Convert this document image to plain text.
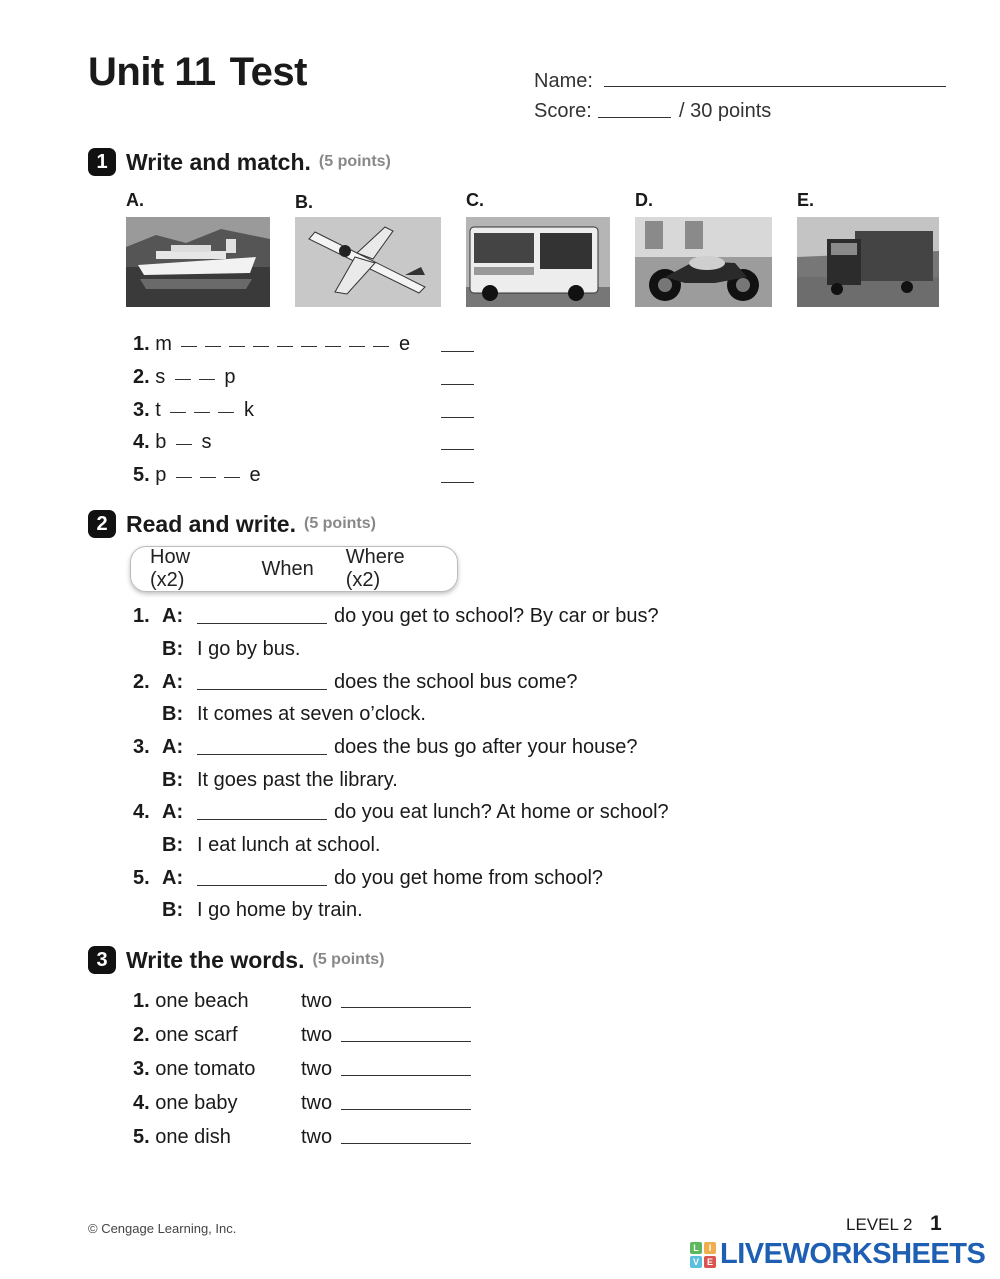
Unit 11 Test	Name:
Score:	/ 30 points
1 Write and match. (5 points)
A.	B.	C.	D.	E.
1. m	e
2. s	p
3. t	k
4. b s
5. p	e
2 Read and write. (5 points)
How (x2)
When
Where (x2)
1. A:	do you get to school? By car or bus?
B: I go by bus.
2. A:	does the school bus come?
B: It comes at seven o’clock.
3. A:	does the bus go after your house?
B: It goes past the library.
4. A:	do you eat lunch? At home or school?
B: I eat lunch at school.
5. A:	do you get home from school?
B: I go home by train.
3 Write the words. (5 points)
1. one beach	two
2. one scarf	two
3. one tomato two
4. one baby	two
5. one dish	two
© Cengage Learning, Inc.	LEVEL 2 1
L	I
V E LIVEWORKSHEETS
